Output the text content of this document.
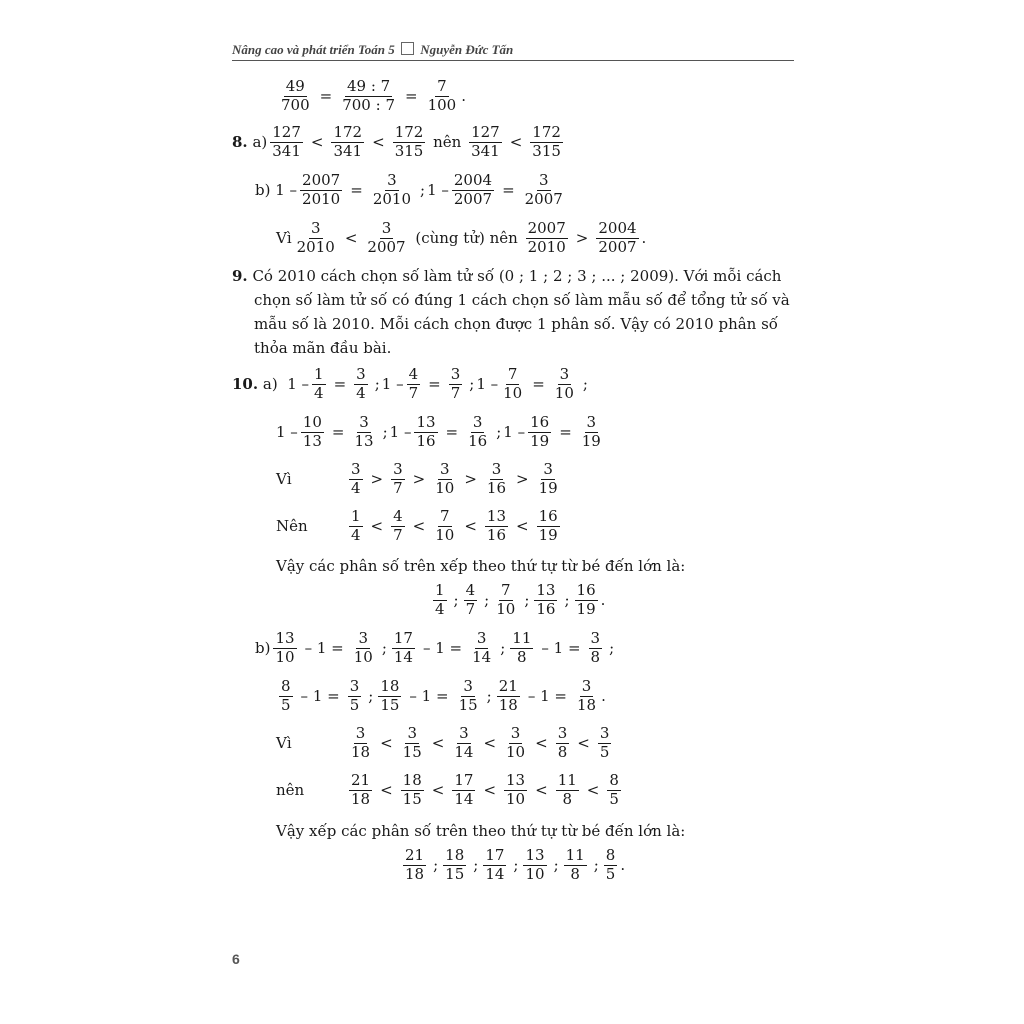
Nâng cao và phát triển Toán 5 Nguyễn Đức Tấn
$\frac{49}{700} = \frac{49 : 7}{700 : 7} = \frac{7}{100}$ .
8. $a) \frac{127}{341} < \frac{172}{341} < \frac{172}{315}$ nên $\frac{127}{341} < \frac{172}{315}$
b) $1 - \frac{2007}{2010} = \frac{3}{2010}$ ; $1 - \frac{2004}{2007} = \frac{3}{2007}$
Vì $\frac{3}{2010} < \frac{3}{2007}$ (cùng tử) nên $\frac{2007}{2010} > \frac{2004}{2007}$ .
10. a)  $1 - \frac{1}{4} = \frac{3}{4}$ ; $1 - \frac{4}{7} = \frac{3}{7}$ ; $1 - \frac{7}{10} = \frac{3}{10}$ ;
$1 - \frac{10}{13} = \frac{3}{13}$ ; $1 - \frac{13}{16} = \frac{3}{16}$ ; $1 - \frac{16}{19} = \frac{3}{19}$
Vì	$\frac{3}{4} > \frac{3}{7} > \frac{3}{10} > \frac{3}{16} > \frac{3}{19}$
Nên	$\frac{1}{4} < \frac{4}{7} < \frac{7}{10} < \frac{13}{16} < \frac{16}{19}$
$\frac{1}{4}$ ; $\frac{4}{7}$ ; $\frac{7}{10}$ ; $\frac{13}{16}$ ; $\frac{16}{19}$ .
$b) \frac{13}{10} - 1 = \frac{3}{10}$ ; $\frac{17}{14} - 1 = \frac{3}{14}$ ; $\frac{11}{8} - 1 = \frac{3}{8}$ ;
$\frac{8}{5} - 1 = \frac{3}{5}$ ; $\frac{18}{15} - 1 = \frac{3}{15}$ ; $\frac{21}{18} - 1 = \frac{3}{18}$ .
Vì	$\frac{3}{18} < \frac{3}{15} < \frac{3}{14} < \frac{3}{10} < \frac{3}{8} < \frac{3}{5}$
nên	$\frac{21}{18} < \frac{18}{15} < \frac{17}{14} < \frac{13}{10} < \frac{11}{8} < \frac{8}{5}$
$\frac{21}{18}$ ; $\frac{18}{15}$ ; $\frac{17}{14}$ ; $\frac{13}{10}$ ; $\frac{11}{8}$ ; $\frac{8}{5}$ .
9. Có 2010 cách chọn số làm tử số (0 ; 1 ; 2 ; 3 ; ... ; 2009). Với mỗi cách
chọn số làm tử số có đúng 1 cách chọn số làm mẫu số để tổng tử số và
mẫu số là 2010. Mỗi cách chọn được 1 phân số. Vậy có 2010 phân số
thỏa mãn đầu bài.
Vậy các phân số trên xếp theo thứ tự từ bé đến lớn là:
Vậy xếp các phân số trên theo thứ tự từ bé đến lớn là:
6
